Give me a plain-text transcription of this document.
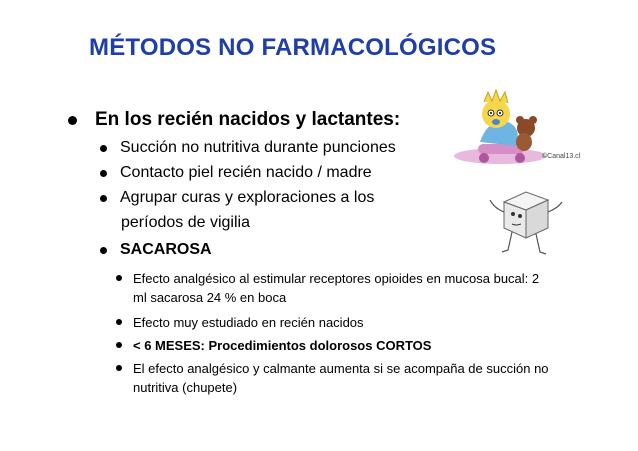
MÉTODOS NO FARMACOLÓGICOS
En los recién nacidos y lactantes:
Succión no nutritiva durante punciones
Contacto piel recién nacido / madre
Agrupar curas y exploraciones a los
períodos de vigilia
SACAROSA
Efecto analgésico al estimular receptores opioides en mucosa bucal: 2 ml sacarosa 24 % en boca
Efecto muy estudiado en recién nacidos
< 6 MESES: Procedimientos dolorosos CORTOS
El efecto analgésico y calmante aumenta si se acompaña de succión no nutritiva (chupete)
©Canal13.cl
